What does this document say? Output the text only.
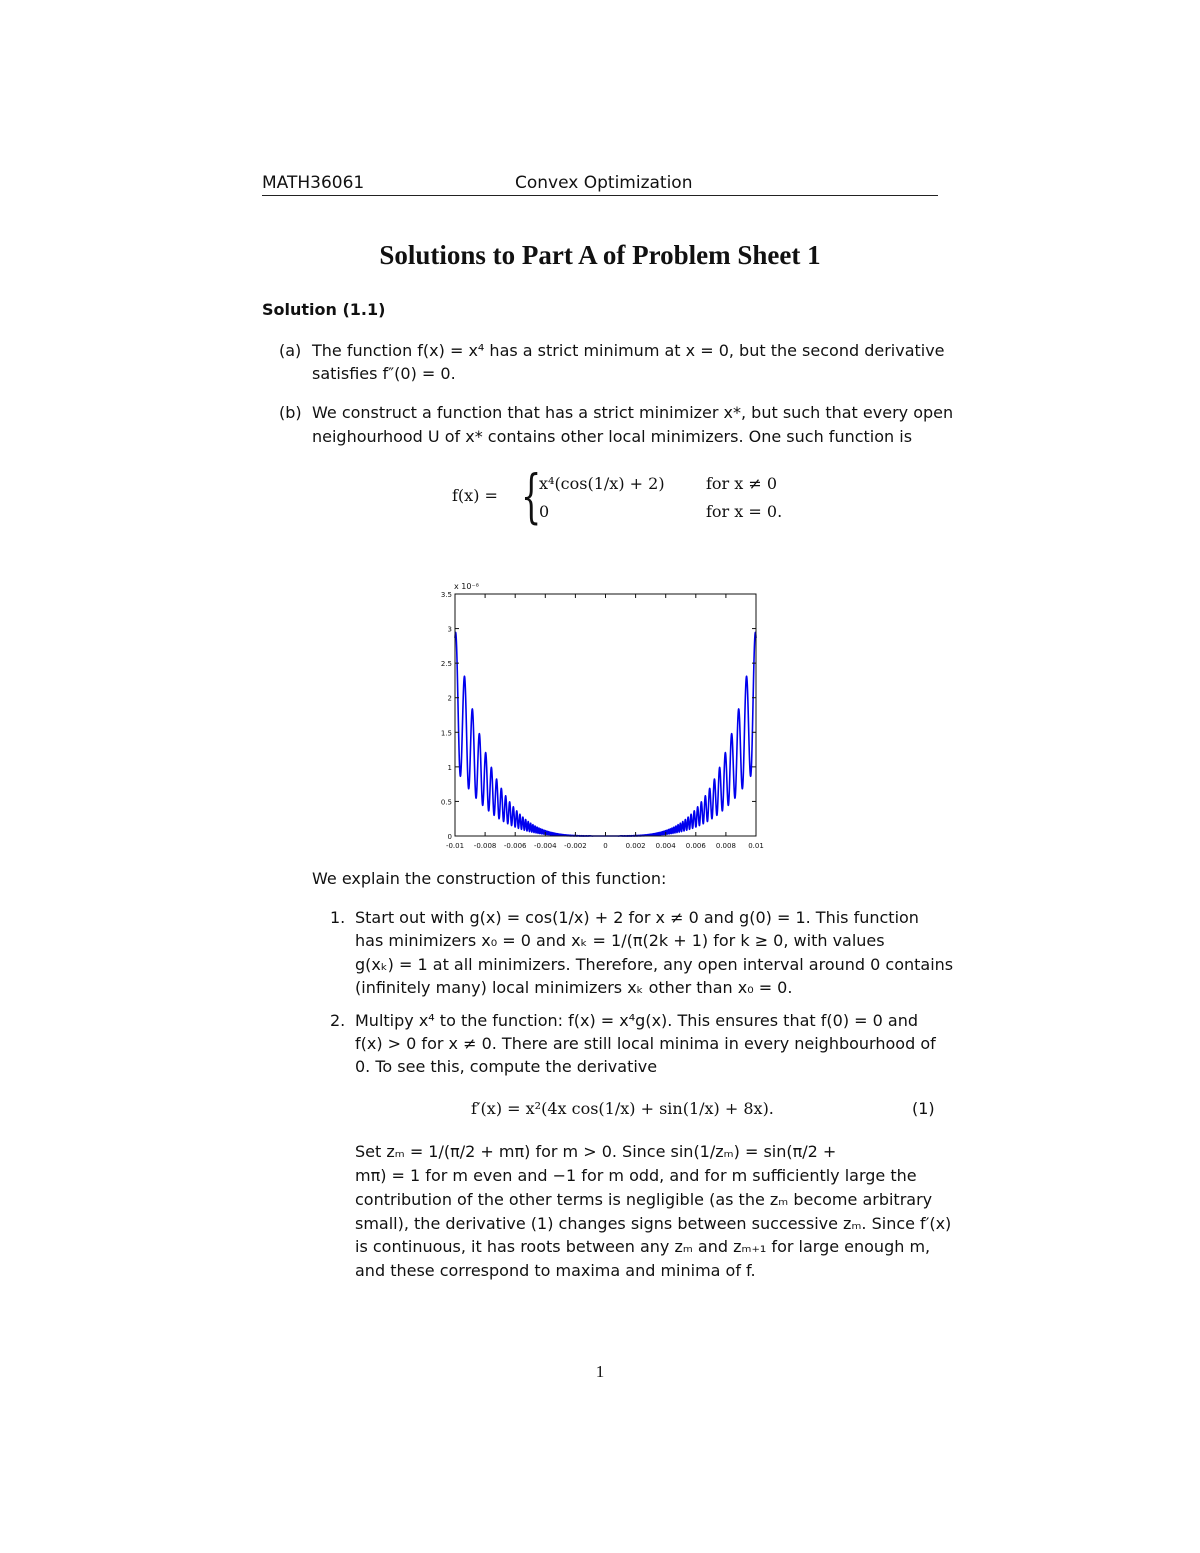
MATH36061	Convex Optimization
Solutions to Part A of Problem Sheet 1
Solution (1.1)
(a) The function f(x) = x⁴ has a strict minimum at x = 0, but the second derivative
satisfies f″(0) = 0.
(b) We construct a function that has a strict minimizer x*, but such that every open
neighourhood U of x* contains other local minimizers. One such function is
f(x) = {
x⁴(cos(1/x) + 2)	for x ≠ 0
0	for x = 0.
x 10⁻⁸
-0.01 -0.008 -0.006 -0.004 -0.002 0	0.002 0.004 0.006 0.008 0.01
0
0.5
1
1.5
2
2.5
3
3.5
We explain the construction of this function:
1. Start out with g(x) = cos(1/x) + 2 for x ≠ 0 and g(0) = 1. This function
has minimizers x₀ = 0 and xₖ = 1/(π(2k + 1) for k ≥ 0, with values
g(xₖ) = 1 at all minimizers. Therefore, any open interval around 0 contains
(infinitely many) local minimizers xₖ other than x₀ = 0.
2. Multipy x⁴ to the function: f(x) = x⁴g(x). This ensures that f(0) = 0 and
f(x) > 0 for x ≠ 0. There are still local minima in every neighbourhood of
0. To see this, compute the derivative
f′(x) = x²(4x cos(1/x) + sin(1/x) + 8x).	(1)
Set zₘ = 1/(π/2 + mπ) for m > 0. Since sin(1/zₘ) = sin(π/2 +
mπ) = 1 for m even and −1 for m odd, and for m sufficiently large the
contribution of the other terms is negligible (as the zₘ become arbitrary
small), the derivative (1) changes signs between successive zₘ. Since f′(x)
is continuous, it has roots between any zₘ and zₘ₊₁ for large enough m,
and these correspond to maxima and minima of f.
1
